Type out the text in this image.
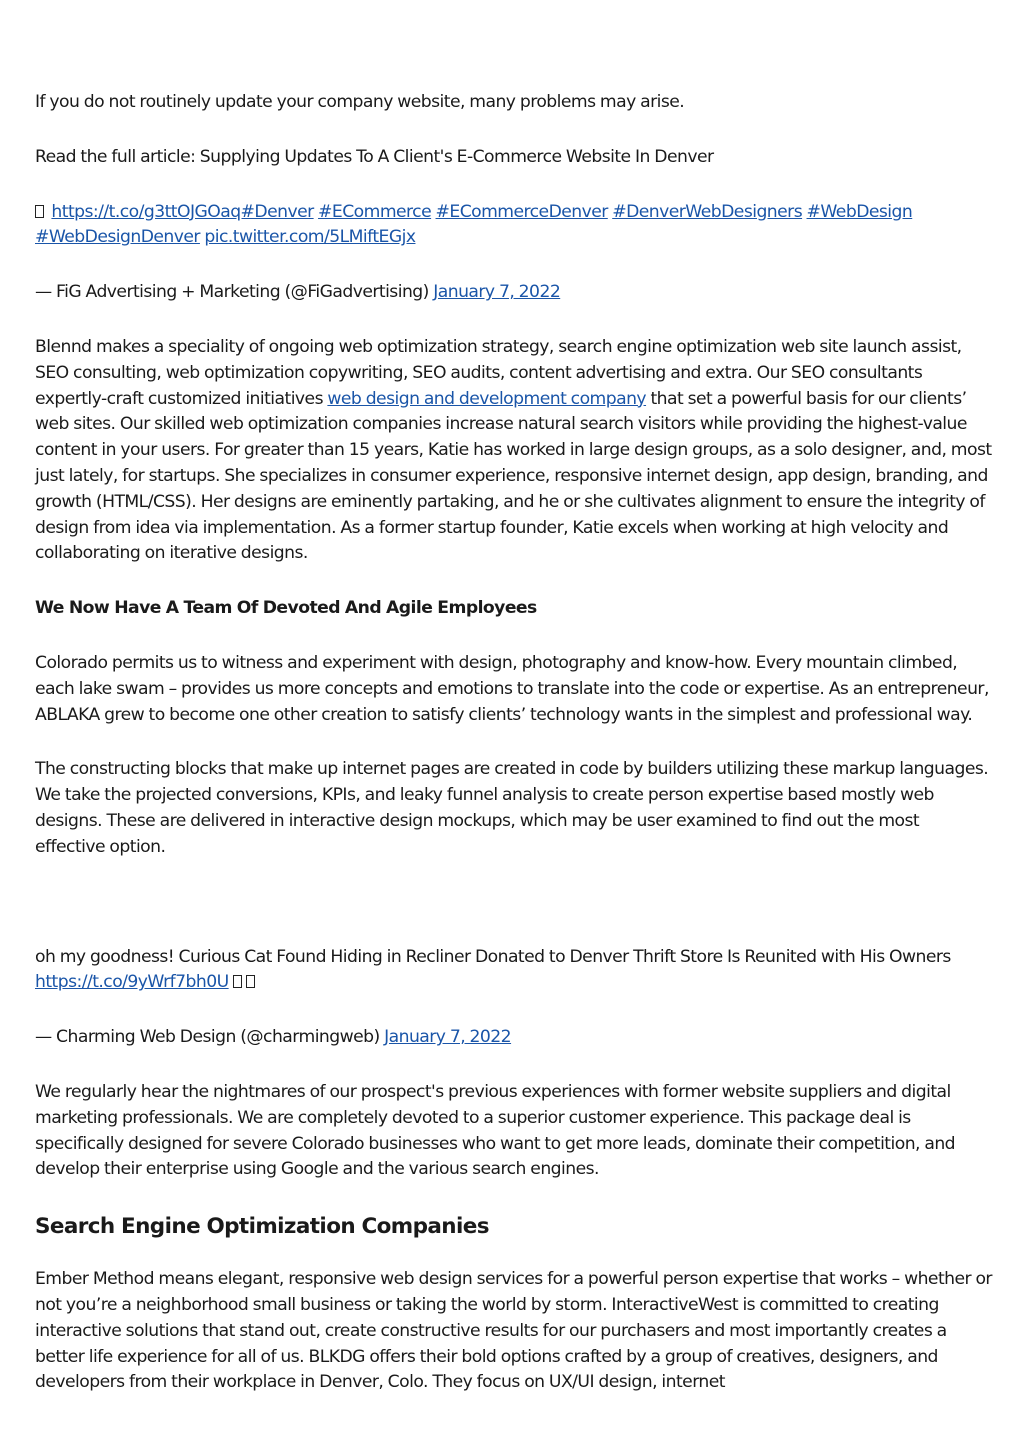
If you do not routinely update your company website, many problems may arise.

Read the full article: Supplying Updates To A Client's E-Commerce Website In Denver

https://t.co/g3ttOJGOaq#Denver #ECommerce #ECommerceDenver #DenverWebDesigners #WebDesign #WebDesignDenver pic.twitter.com/5LMiftEGjx

— FiG Advertising + Marketing (@FiGadvertising) January 7, 2022

Blennd makes a speciality of ongoing web optimization strategy, search engine optimization web site launch assist, SEO consulting, web optimization copywriting, SEO audits, content advertising and extra. Our SEO consultants expertly-craft customized initiatives web design and development company that set a powerful basis for our clients’ web sites. Our skilled web optimization companies increase natural search visitors while providing the highest-value content in your users. For greater than 15 years, Katie has worked in large design groups, as a solo designer, and, most just lately, for startups. She specializes in consumer experience, responsive internet design, app design, branding, and growth (HTML/CSS). Her designs are eminently partaking, and he or she cultivates alignment to ensure the integrity of design from idea via implementation. As a former startup founder, Katie excels when working at high velocity and collaborating on iterative designs.

We Now Have A Team Of Devoted And Agile Employees

Colorado permits us to witness and experiment with design, photography and know-how. Every mountain climbed, each lake swam – provides us more concepts and emotions to translate into the code or expertise. As an entrepreneur, ABLAKA grew to become one other creation to satisfy clients’ technology wants in the simplest and professional way.

The constructing blocks that make up internet pages are created in code by builders utilizing these markup languages. We take the projected conversions, KPIs, and leaky funnel analysis to create person expertise based mostly web designs. These are delivered in interactive design mockups, which may be user examined to find out the most effective option.

oh my goodness! Curious Cat Found Hiding in Recliner Donated to Denver Thrift Store Is Reunited with His Owners https://t.co/9yWrf7bh0U

— Charming Web Design (@charmingweb) January 7, 2022

We regularly hear the nightmares of our prospect's previous experiences with former website suppliers and digital marketing professionals. We are completely devoted to a superior customer experience. This package deal is specifically designed for severe Colorado businesses who want to get more leads, dominate their competition, and develop their enterprise using Google and the various search engines.

Search Engine Optimization Companies

Ember Method means elegant, responsive web design services for a powerful person expertise that works – whether or not you’re a neighborhood small business or taking the world by storm. InteractiveWest is committed to creating interactive solutions that stand out, create constructive results for our purchasers and most importantly creates a better life experience for all of us. BLKDG offers their bold options crafted by a group of creatives, designers, and developers from their workplace in Denver, Colo. They focus on UX/UI design, internet
